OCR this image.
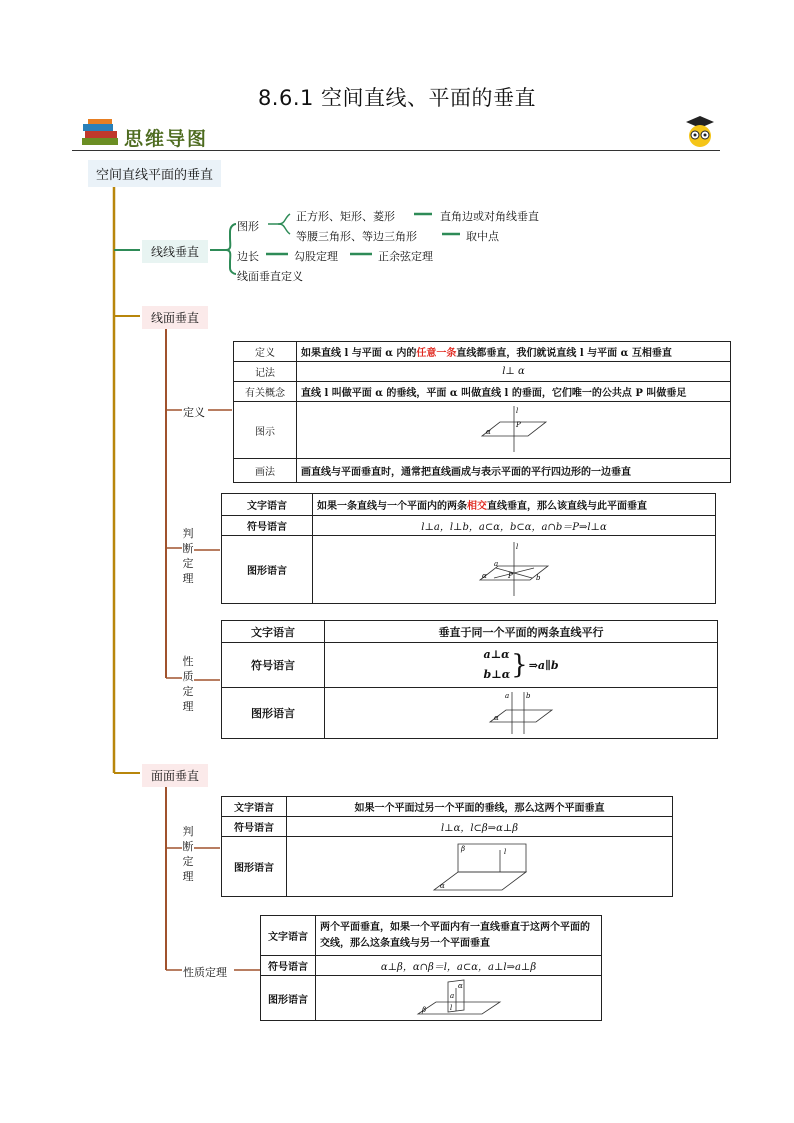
8.6.1 空间直线、平面的垂直
思维导图
空间直线平面的垂直
线线垂直
图形
正方形、矩形、菱形	直角边或对角线垂直
等腰三角形、等边三角形	取中点
边长	勾股定理	正余弦定理
线面垂直定义
线面垂直
定义
判
断
定
理
性
质
定
理
定义	如果直线 l 与平面 α 内的任意一条直线都垂直，我们就说直线 l 与平面 α 互相垂直
记法	l⊥ α
有关概念	直线 l 叫做平面 α 的垂线，平面 α 叫做直线 l 的垂面，它们唯一的公共点 P 叫做垂足
图示	l
P
α

画法	画直线与平面垂直时，通常把直线画成与表示平面的平行四边形的一边垂直
文字语言	如果一条直线与一个平面内的两条相交直线垂直，那么该直线与此平面垂直
符号语言	l⊥a，l⊥b，a⊂α，b⊂α，a∩b＝P⇒l⊥α
图形语言	l
P
α
a
b
文字语言	垂直于同一个平面的两条直线平行
符号语言	a⊥α
b⊥α } ⇒a∥b

图形语言	a b
α
面面垂直
判
断
定
理
性质定理
文字语言	如果一个平面过另一个平面的垂线，那么这两个平面垂直
符号语言	l⊥α，l⊂β⇒α⊥β
图形语言	β l
α
文字语言	两个平面垂直，如果一个平面内有一直线垂直于这两个平面的交线，那么这条直线与另一个平面垂直
符号语言	α⊥β，α∩β＝l，a⊂α，a⊥l⇒a⊥β
图形语言	α
a
β l
